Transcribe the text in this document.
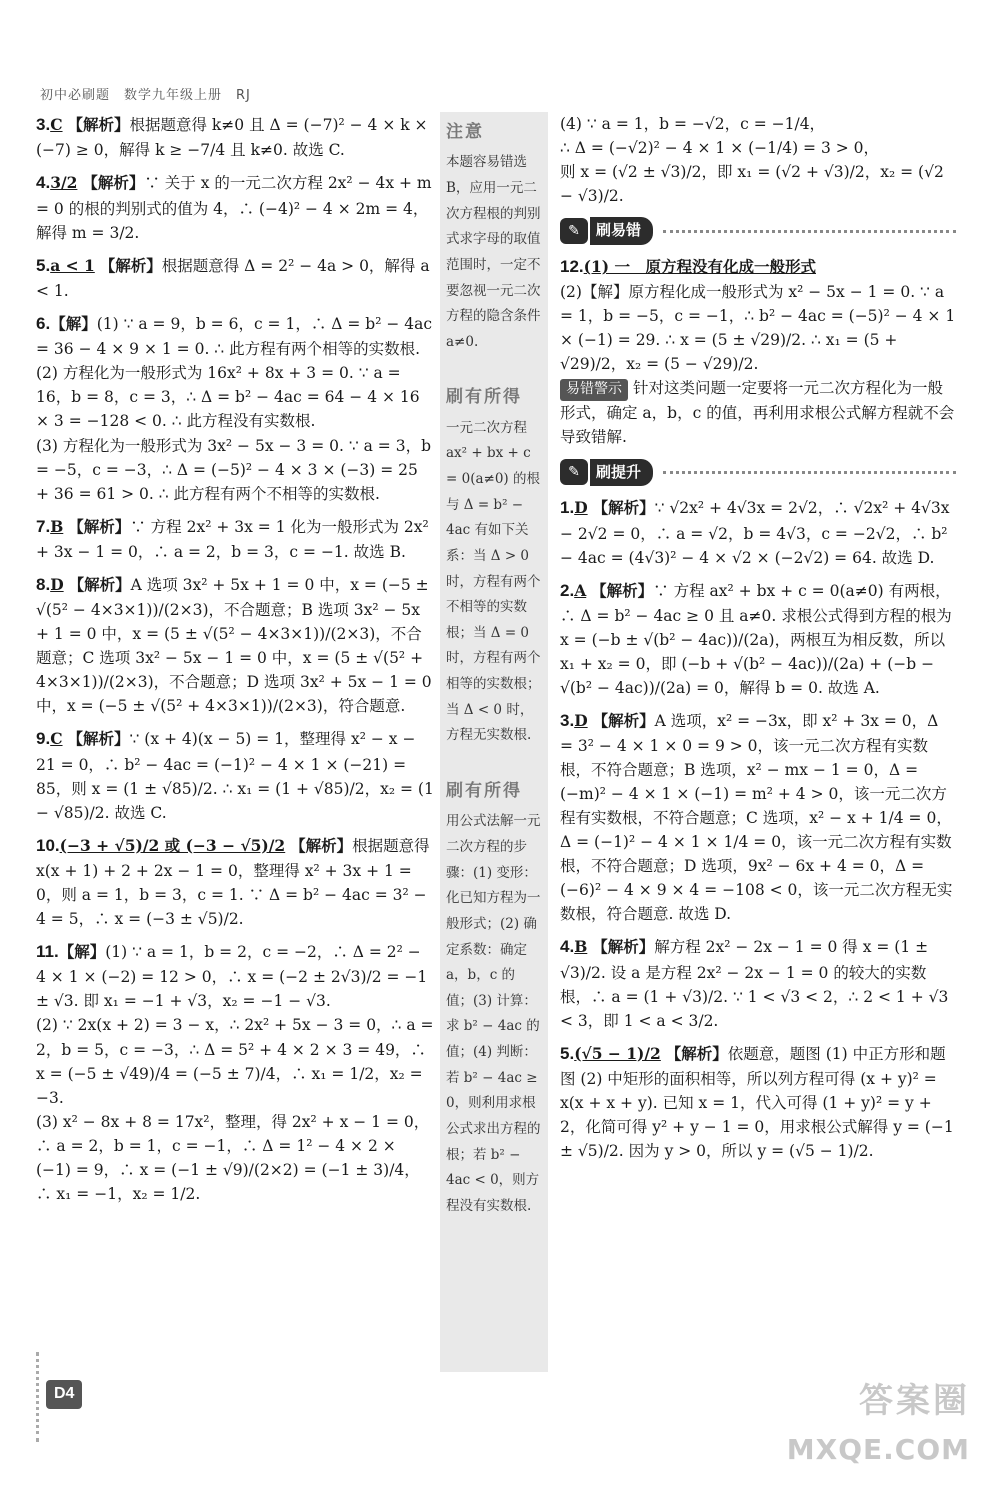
初中必刷题　数学九年级上册　RJ

3.C 【解析】根据题意得 k≠0 且 Δ = (−7)² − 4 × k × (−7) ≥ 0，解得 k ≥ −7/4 且 k≠0. 故选 C.

4.3/2 【解析】∵ 关于 x 的一元二次方程 2x² − 4x + m = 0 的根的判别式的值为 4，∴ (−4)² − 4 × 2m = 4，解得 m = 3/2.

5.a < 1 【解析】根据题意得 Δ = 2² − 4a > 0，解得 a < 1.

6.【解】(1) ∵ a = 9，b = 6，c = 1，∴ Δ = b² − 4ac = 36 − 4 × 9 × 1 = 0. ∴ 此方程有两个相等的实数根.

(2) 方程化为一般形式为 16x² + 8x + 3 = 0. ∵ a = 16，b = 8，c = 3，∴ Δ = b² − 4ac = 64 − 4 × 16 × 3 = −128 < 0. ∴ 此方程没有实数根.

(3) 方程化为一般形式为 3x² − 5x − 3 = 0. ∵ a = 3，b = −5，c = −3，∴ Δ = (−5)² − 4 × 3 × (−3) = 25 + 36 = 61 > 0. ∴ 此方程有两个不相等的实数根.

7.B 【解析】∵ 方程 2x² + 3x = 1 化为一般形式为 2x² + 3x − 1 = 0，∴ a = 2，b = 3，c = −1. 故选 B.

8.D 【解析】A 选项 3x² + 5x + 1 = 0 中，x = (−5 ± √(5² − 4×3×1))/(2×3)，不合题意；B 选项 3x² − 5x + 1 = 0 中，x = (5 ± √(5² − 4×3×1))/(2×3)，不合题意；C 选项 3x² − 5x − 1 = 0 中，x = (5 ± √(5² + 4×3×1))/(2×3)，不合题意；D 选项 3x² + 5x − 1 = 0 中，x = (−5 ± √(5² + 4×3×1))/(2×3)，符合题意.

9.C 【解析】∵ (x + 4)(x − 5) = 1，整理得 x² − x − 21 = 0，∴ b² − 4ac = (−1)² − 4 × 1 × (−21) = 85，则 x = (1 ± √85)/2. ∴ x₁ = (1 + √85)/2，x₂ = (1 − √85)/2. 故选 C.

10.(−3 + √5)/2 或 (−3 − √5)/2 【解析】根据题意得 x(x + 1) + 2 + 2x − 1 = 0，整理得 x² + 3x + 1 = 0，则 a = 1，b = 3，c = 1. ∵ Δ = b² − 4ac = 3² − 4 = 5，∴ x = (−3 ± √5)/2.

11.【解】(1) ∵ a = 1，b = 2，c = −2，∴ Δ = 2² − 4 × 1 × (−2) = 12 > 0，∴ x = (−2 ± 2√3)/2 = −1 ± √3. 即 x₁ = −1 + √3，x₂ = −1 − √3.

(2) ∵ 2x(x + 2) = 3 − x，∴ 2x² + 5x − 3 = 0，∴ a = 2，b = 5，c = −3，∴ Δ = 5² + 4 × 2 × 3 = 49，∴ x = (−5 ± √49)/4 = (−5 ± 7)/4，∴ x₁ = 1/2，x₂ = −3.

(3) x² − 8x + 8 = 17x²，整理，得 2x² + x − 1 = 0，∴ a = 2，b = 1，c = −1，∴ Δ = 1² − 4 × 2 × (−1) = 9，∴ x = (−1 ± √9)/(2×2) = (−1 ± 3)/4，∴ x₁ = −1，x₂ = 1/2.

注意
本题容易错选 B，应用一元二次方程根的判别式求字母的取值范围时，一定不要忽视一元二次方程的隐含条件 a≠0.
刷有所得
一元二次方程 ax² + bx + c = 0(a≠0) 的根与 Δ = b² − 4ac 有如下关系：当 Δ > 0 时，方程有两个不相等的实数根；当 Δ = 0 时，方程有两个相等的实数根；当 Δ < 0 时，方程无实数根.
刷有所得
用公式法解一元二次方程的步骤：(1) 变形：化已知方程为一般形式；(2) 确定系数：确定 a，b，c 的值；(3) 计算：求 b² − 4ac 的值；(4) 判断：若 b² − 4ac ≥ 0，则利用求根公式求出方程的根；若 b² − 4ac < 0，则方程没有实数根.

(4) ∵ a = 1，b = −√2，c = −1/4，

∴ Δ = (−√2)² − 4 × 1 × (−1/4) = 3 > 0，

则 x = (√2 ± √3)/2，即 x₁ = (√2 + √3)/2，x₂ = (√2 − √3)/2.

✎	刷易错

12.(1) 一　原方程没有化成一般形式

(2)【解】原方程化成一般形式为 x² − 5x − 1 = 0. ∵ a = 1，b = −5，c = −1，∴ b² − 4ac = (−5)² − 4 × 1 × (−1) = 29. ∴ x = (5 ± √29)/2. ∴ x₁ = (5 + √29)/2，x₂ = (5 − √29)/2.

易错警示 针对这类问题一定要将一元二次方程化为一般形式，确定 a，b，c 的值，再利用求根公式解方程就不会导致错解.

✎	刷提升

1.D 【解析】∵ √2x² + 4√3x = 2√2，∴ √2x² + 4√3x − 2√2 = 0，∴ a = √2，b = 4√3，c = −2√2，∴ b² − 4ac = (4√3)² − 4 × √2 × (−2√2) = 64. 故选 D.

2.A 【解析】∵ 方程 ax² + bx + c = 0(a≠0) 有两根，∴ Δ = b² − 4ac ≥ 0 且 a≠0. 求根公式得到方程的根为 x = (−b ± √(b² − 4ac))/(2a)，两根互为相反数，所以 x₁ + x₂ = 0，即 (−b + √(b² − 4ac))/(2a) + (−b − √(b² − 4ac))/(2a) = 0，解得 b = 0. 故选 A.

3.D 【解析】A 选项，x² = −3x，即 x² + 3x = 0，Δ = 3² − 4 × 1 × 0 = 9 > 0，该一元二次方程有实数根，不符合题意；B 选项，x² − mx − 1 = 0，Δ = (−m)² − 4 × 1 × (−1) = m² + 4 > 0，该一元二次方程有实数根，不符合题意；C 选项，x² − x + 1/4 = 0，Δ = (−1)² − 4 × 1 × 1/4 = 0，该一元二次方程有实数根，不符合题意；D 选项，9x² − 6x + 4 = 0，Δ = (−6)² − 4 × 9 × 4 = −108 < 0，该一元二次方程无实数根，符合题意. 故选 D.

4.B 【解析】解方程 2x² − 2x − 1 = 0 得 x = (1 ± √3)/2. 设 a 是方程 2x² − 2x − 1 = 0 的较大的实数根，∴ a = (1 + √3)/2. ∵ 1 < √3 < 2，∴ 2 < 1 + √3 < 3，即 1 < a < 3/2.

5.(√5 − 1)/2 【解析】依题意，题图 (1) 中正方形和题图 (2) 中矩形的面积相等，所以列方程可得 (x + y)² = x(x + x + y). 已知 x = 1，代入可得 (1 + y)² = y + 2，化简可得 y² + y − 1 = 0，用求根公式解得 y = (−1 ± √5)/2. 因为 y > 0，所以 y = (√5 − 1)/2.

D4	答案圈
MXQE.COM
